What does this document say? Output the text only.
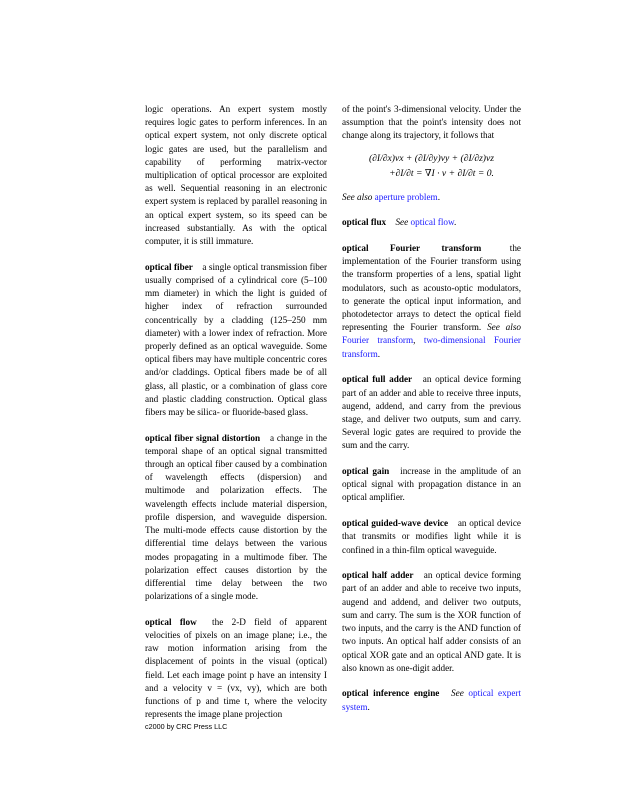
logic operations. An expert system mostly requires logic gates to perform inferences. In an optical expert system, not only discrete optical logic gates are used, but the parallelism and capability of performing matrix-vector multiplication of optical processor are exploited as well. Sequential reasoning in an electronic expert system is replaced by parallel reasoning in an optical expert system, so its speed can be increased substantially. As with the optical computer, it is still immature.

optical fiber a single optical transmission fiber usually comprised of a cylindrical core (5–100 mm diameter) in which the light is guided of higher index of refraction surrounded concentrically by a cladding (125–250 mm diameter) with a lower index of refraction. More properly defined as an optical waveguide. Some optical fibers may have multiple concentric cores and/or claddings. Optical fibers made be of all glass, all plastic, or a combination of glass core and plastic cladding construction. Optical glass fibers may be silica- or fluoride-based glass.

optical fiber signal distortion a change in the temporal shape of an optical signal transmitted through an optical fiber caused by a combination of wavelength effects (dispersion) and multimode and polarization effects. The wavelength effects include material dispersion, profile dispersion, and waveguide dispersion. The multi-mode effects cause distortion by the differential time delays between the various modes propagating in a multimode fiber. The polarization effect causes distortion by the differential time delay between the two polarizations of a single mode.

optical flow the 2-D field of apparent velocities of pixels on an image plane; i.e., the raw motion information arising from the displacement of points in the visual (optical) field. Let each image point p have an intensity I and a velocity v = (vx, vy), which are both functions of p and time t, where the velocity represents the image plane projection

of the point's 3-dimensional velocity. Under the assumption that the point's intensity does not change along its trajectory, it follows that

(∂I/∂x)vx + (∂I/∂y)vy + (∂I/∂z)vz
+∂I/∂t = ∇I · v + ∂I/∂t = 0.

See also aperture problem.

optical flux See optical flow.

optical Fourier transform	the implementation of the Fourier transform using the transform properties of a lens, spatial light modulators, such as acousto-optic modulators, to generate the optical input information, and photodetector arrays to detect the optical field representing the Fourier transform. See also Fourier transform, two-dimensional Fourier transform.

optical full adder an optical device forming part of an adder and able to receive three inputs, augend, addend, and carry from the previous stage, and deliver two outputs, sum and carry. Several logic gates are required to provide the sum and the carry.

optical gain increase in the amplitude of an optical signal with propagation distance in an optical amplifier.

optical guided-wave device an optical device that transmits or modifies light while it is confined in a thin-film optical waveguide.

optical half adder an optical device forming part of an adder and able to receive two inputs, augend and addend, and deliver two outputs, sum and carry. The sum is the XOR function of two inputs, and the carry is the AND function of two inputs. An optical half adder consists of an optical XOR gate and an optical AND gate. It is also known as one-digit adder.

optical inference engine See optical expert system.

c2000 by CRC Press LLC
